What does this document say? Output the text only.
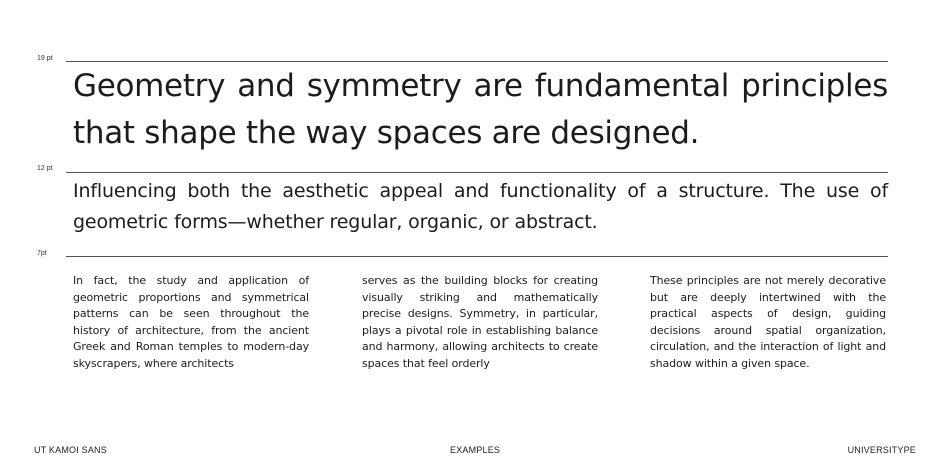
19 pt

Geometry and symmetry are fundamental principles that shape the way spaces are designed.

12 pt

Influencing both the aesthetic appeal and functionality of a structure. The use of geometric forms—whether regular, organic, or abstract.

7pt

In fact, the study and application of geometric proportions and symmetrical patterns can be seen throughout the history of architecture, from the ancient Greek and Roman temples to modern-day skyscrapers, where architects

serves as the building blocks for creating visually striking and mathematically precise designs. Symmetry, in particular, plays a pivotal role in establishing balance and harmony, allowing architects to create spaces that feel orderly

These principles are not merely decorative but are deeply intertwined with the practical aspects of design, guiding decisions around spatial organization, circulation, and the interaction of light and shadow within a given space.

UT KAMOI SANS	EXAMPLES	UNIVERSITYPE
